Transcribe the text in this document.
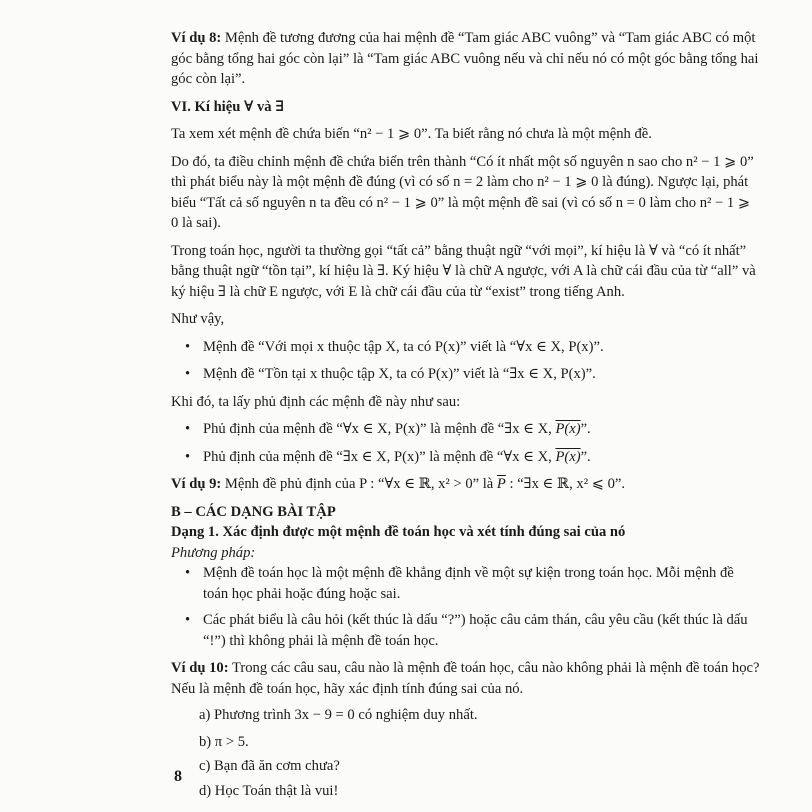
Ví dụ 8: Mệnh đề tương đương của hai mệnh đề “Tam giác ABC vuông” và “Tam giác ABC có một góc bằng tổng hai góc còn lại” là “Tam giác ABC vuông nếu và chỉ nếu nó có một góc bằng tổng hai góc còn lại”.

VI. Kí hiệu ∀ và ∃

Ta xem xét mệnh đề chứa biến “n² − 1 ⩾ 0”. Ta biết rằng nó chưa là một mệnh đề.

Do đó, ta điều chỉnh mệnh đề chứa biến trên thành “Có ít nhất một số nguyên n sao cho n² − 1 ⩾ 0” thì phát biểu này là một mệnh đề đúng (vì có số n = 2 làm cho n² − 1 ⩾ 0 là đúng). Ngược lại, phát biểu “Tất cả số nguyên n ta đều có n² − 1 ⩾ 0” là một mệnh đề sai (vì có số n = 0 làm cho n² − 1 ⩾ 0 là sai).

Trong toán học, người ta thường gọi “tất cả” bằng thuật ngữ “với mọi”, kí hiệu là ∀ và “có ít nhất” bằng thuật ngữ “tồn tại”, kí hiệu là ∃. Ký hiệu ∀ là chữ A ngược, với A là chữ cái đầu của từ “all” và ký hiệu ∃ là chữ E ngược, với E là chữ cái đầu của từ “exist” trong tiếng Anh.

Như vậy,

• Mệnh đề “Với mọi x thuộc tập X, ta có P(x)” viết là “∀x ∈ X, P(x)”.
• Mệnh đề “Tồn tại x thuộc tập X, ta có P(x)” viết là “∃x ∈ X, P(x)”.

Khi đó, ta lấy phủ định các mệnh đề này như sau:

• Phủ định của mệnh đề “∀x ∈ X, P(x)” là mệnh đề “∃x ∈ X, P(x)”.
• Phủ định của mệnh đề “∃x ∈ X, P(x)” là mệnh đề “∀x ∈ X, P(x)”.

Ví dụ 9: Mệnh đề phủ định của P : “∀x ∈ ℝ, x² > 0” là $\overline{P}$ : “∃x ∈ ℝ, x² ⩽ 0”.

B – CÁC DẠNG BÀI TẬP

Dạng 1. Xác định được một mệnh đề toán học và xét tính đúng sai của nó

Phương pháp:

• Mệnh đề toán học là một mệnh đề khẳng định về một sự kiện trong toán học. Mỗi mệnh đề toán học phải hoặc đúng hoặc sai.
• Các phát biểu là câu hỏi (kết thúc là dấu “?”) hoặc câu cảm thán, câu yêu cầu (kết thúc là dấu “!”) thì không phải là mệnh đề toán học.

Ví dụ 10: Trong các câu sau, câu nào là mệnh đề toán học, câu nào không phải là mệnh đề toán học? Nếu là mệnh đề toán học, hãy xác định tính đúng sai của nó.

a) Phương trình 3x − 9 = 0 có nghiệm duy nhất.
b) π > 5.
c) Bạn đã ăn cơm chưa?
d) Học Toán thật là vui!
8
